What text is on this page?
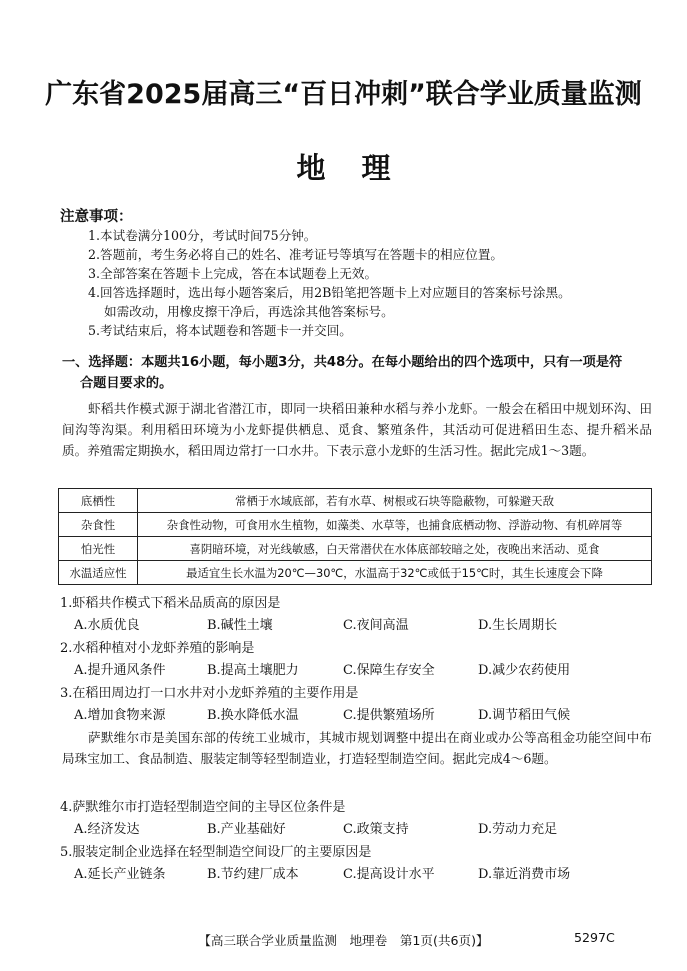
广东省2025届高三“百日冲刺”联合学业质量监测
地理
注意事项：
1.本试卷满分100分，考试时间75分钟。
2.答题前，考生务必将自己的姓名、准考证号等填写在答题卡的相应位置。
3.全部答案在答题卡上完成，答在本试题卷上无效。
4.回答选择题时，选出每小题答案后，用2B铅笔把答题卡上对应题目的答案标号涂黑。
如需改动，用橡皮擦干净后，再选涂其他答案标号。
5.考试结束后，将本试题卷和答题卡一并交回。
一、选择题：本题共16小题，每小题3分，共48分。在每小题给出的四个选项中，只有一项是符
合题目要求的。
虾稻共作模式源于湖北省潜江市，即同一块稻田兼种水稻与养小龙虾。一般会在稻田中规划环沟、田间沟等沟渠。利用稻田环境为小龙虾提供栖息、觅食、繁殖条件，其活动可促进稻田生态、提升稻米品质。养殖需定期换水，稻田周边常打一口水井。下表示意小龙虾的生活习性。据此完成1～3题。
底栖性	常栖于水域底部，若有水草、树根或石块等隐蔽物，可躲避天敌
杂食性	杂食性动物，可食用水生植物，如藻类、水草等，也捕食底栖动物、浮游动物、有机碎屑等
怕光性	喜阴暗环境，对光线敏感，白天常潜伏在水体底部较暗之处，夜晚出来活动、觅食
水温适应性	最适宜生长水温为20℃—30℃，水温高于32℃或低于15℃时，其生长速度会下降
1.虾稻共作模式下稻米品质高的原因是
A.水质优良	B.碱性土壤	C.夜间高温	D.生长周期长
2.水稻种植对小龙虾养殖的影响是
A.提升通风条件	B.提高土壤肥力	C.保障生存安全	D.减少农药使用
3.在稻田周边打一口水井对小龙虾养殖的主要作用是
A.增加食物来源	B.换水降低水温	C.提供繁殖场所	D.调节稻田气候
萨默维尔市是美国东部的传统工业城市，其城市规划调整中提出在商业或办公等高租金功能空间中布局珠宝加工、食品制造、服装定制等轻型制造业，打造轻型制造空间。据此完成4～6题。
4.萨默维尔市打造轻型制造空间的主导区位条件是
A.经济发达	B.产业基础好	C.政策支持	D.劳动力充足
5.服装定制企业选择在轻型制造空间设厂的主要原因是
A.延长产业链条	B.节约建厂成本	C.提高设计水平	D.靠近消费市场
【高三联合学业质量监测　地理卷　第1页(共6页)】	5297C
